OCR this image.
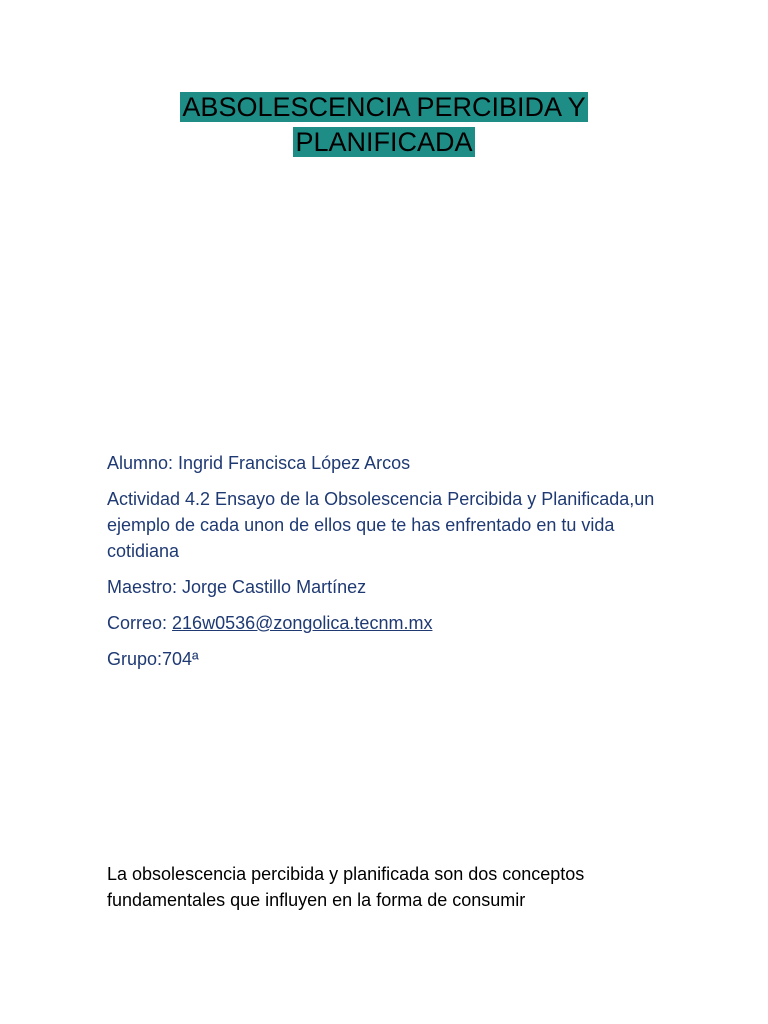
ABSOLESCENCIA PERCIBIDA Y
PLANIFICADA

Alumno: Ingrid Francisca López Arcos

Actividad 4.2 Ensayo de la Obsolescencia Percibida y Planificada,un ejemplo de cada unon de ellos que te has enfrentado en tu vida cotidiana

Maestro: Jorge Castillo Martínez

Correo: 216w0536@zongolica.tecnm.mx

Grupo:704ª

La obsolescencia percibida y planificada son dos conceptos fundamentales que influyen en la forma de consumir
